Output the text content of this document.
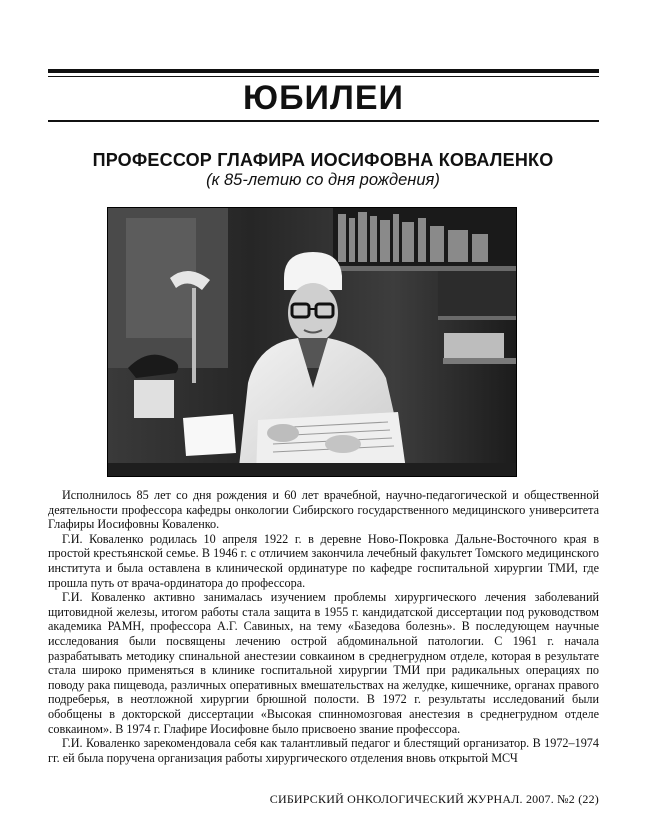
ЮБИЛЕИ
ПРОФЕССОР ГЛАФИРА ИОСИФОВНА КОВАЛЕНКО
(к 85-летию со дня рождения)

Исполнилось 85 лет со дня рождения и 60 лет врачебной, научно-педагогической и общественной деятельности профессора кафедры онкологии Сибирского государственного медицинского университета Глафиры Иосифовны Коваленко.

Г.И. Коваленко родилась 10 апреля 1922 г. в деревне Ново-Покровка Дальне-Восточного края в простой крестьянской семье. В 1946 г. с отличием закончила лечебный факультет Томского медицинского института и была оставлена в клинической ординатуре по кафедре госпитальной хирургии ТМИ, где прошла путь от врача-ординатора до профессора.

Г.И. Коваленко активно занималась изучением проблемы хирургического лечения заболеваний щитовидной железы, итогом работы стала защита в 1955 г. кандидатской диссертации под руководством академика РАМН, профессора А.Г. Савиных, на тему «Базедова болезнь». В последующем научные исследования были посвящены лечению острой абдоминальной патологии. С 1961 г. начала разрабатывать методику спинальной анестезии совкаином в среднегрудном отделе, которая в результате стала широко применяться в клинике госпитальной хирургии ТМИ при радикальных операциях по поводу рака пищевода, различных оперативных вмешательствах на желудке, кишечнике, органах правого подреберья, в неотложной хирургии брюшной полости. В 1972 г. результаты исследований были обобщены в докторской диссертации «Высокая спинномозговая анестезия в среднегрудном отделе совкаином». В 1974 г. Глафире Иосифовне было присвоено звание профессора.

Г.И. Коваленко зарекомендовала себя как талантливый педагог и блестящий организатор. В 1972–1974 гг. ей была поручена организация работы хирургического отделения вновь открытой МСЧ

СИБИРСКИЙ ОНКОЛОГИЧЕСКИЙ ЖУРНАЛ. 2007. №2 (22)
